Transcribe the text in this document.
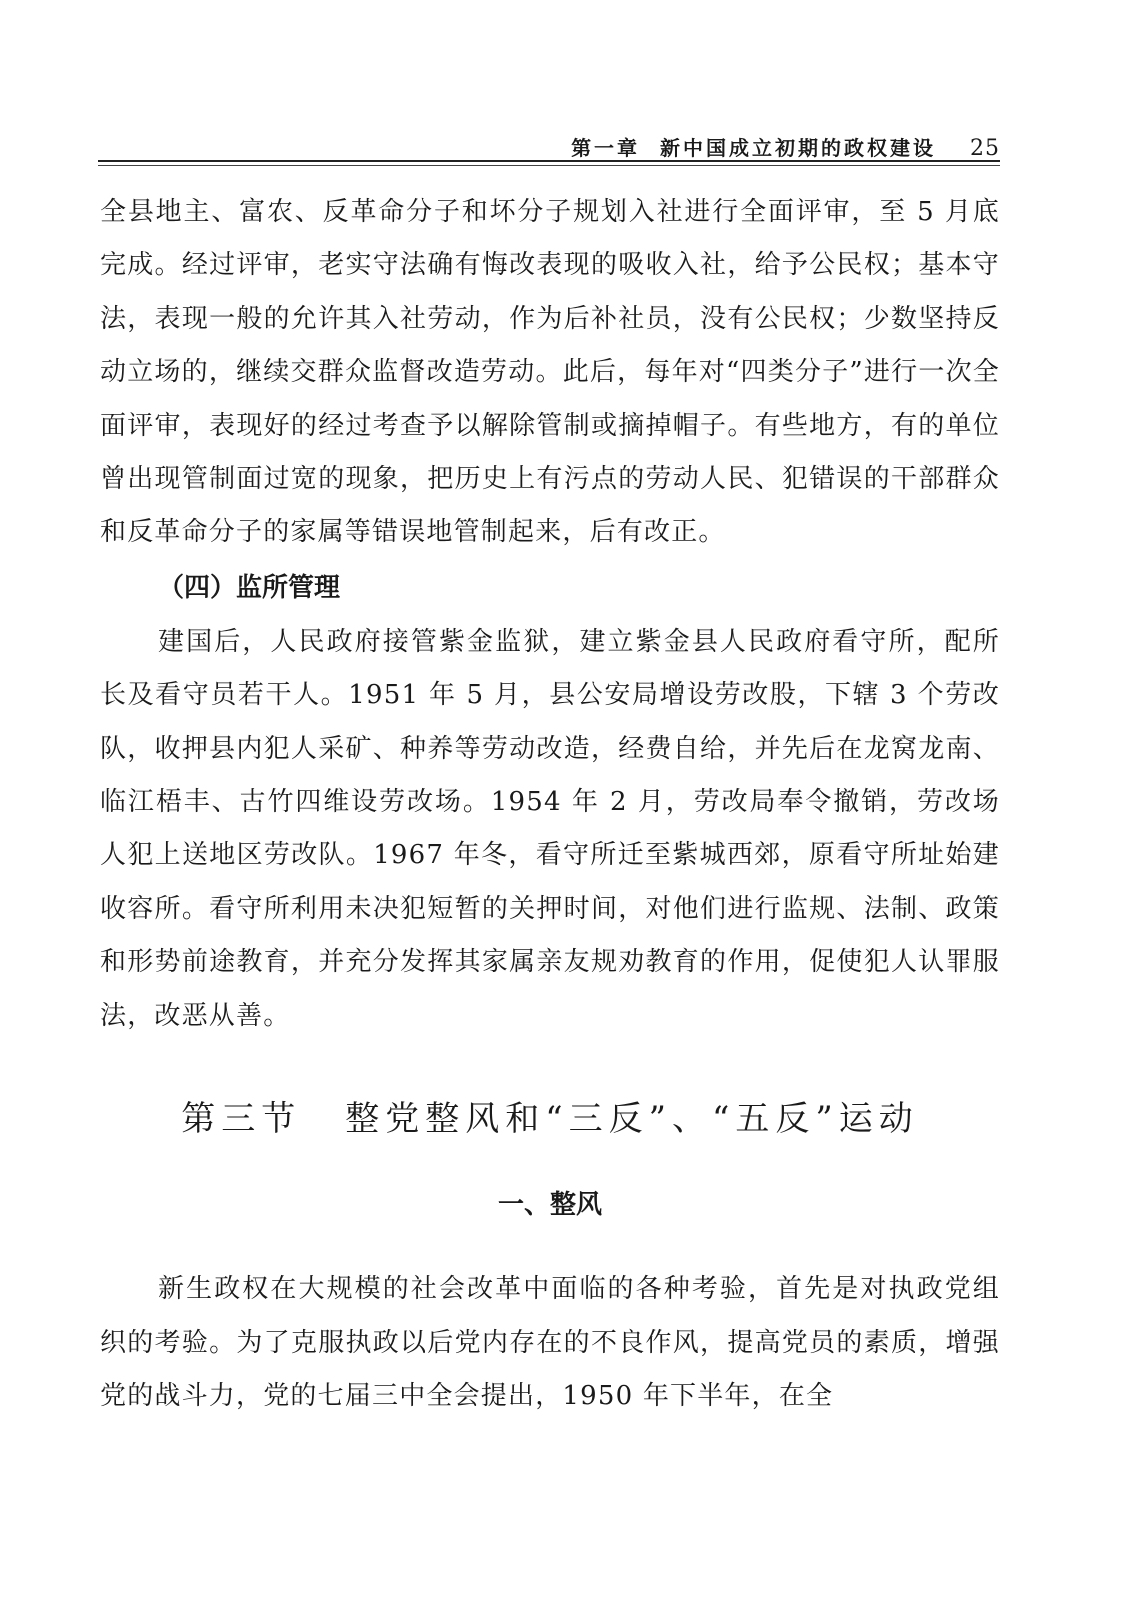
第一章 新中国成立初期的政权建设 25

全县地主、富农、反革命分子和坏分子规划入社进行全面评审，至 5 月底完成。经过评审，老实守法确有悔改表现的吸收入社，给予公民权；基本守法，表现一般的允许其入社劳动，作为后补社员，没有公民权；少数坚持反动立场的，继续交群众监督改造劳动。此后，每年对“四类分子”进行一次全面评审，表现好的经过考查予以解除管制或摘掉帽子。有些地方，有的单位曾出现管制面过宽的现象，把历史上有污点的劳动人民、犯错误的干部群众和反革命分子的家属等错误地管制起来，后有改正。

（四）监所管理

建国后，人民政府接管紫金监狱，建立紫金县人民政府看守所，配所长及看守员若干人。1951 年 5 月，县公安局增设劳改股，下辖 3 个劳改队，收押县内犯人采矿、种养等劳动改造，经费自给，并先后在龙窝龙南、临江梧丰、古竹四维设劳改场。1954 年 2 月，劳改局奉令撤销，劳改场人犯上送地区劳改队。1967 年冬，看守所迁至紫城西郊，原看守所址始建收容所。看守所利用未决犯短暂的关押时间，对他们进行监规、法制、政策和形势前途教育，并充分发挥其家属亲友规劝教育的作用，促使犯人认罪服法，改恶从善。

第三节 整党整风和“三反”、“五反”运动

一、整风

新生政权在大规模的社会改革中面临的各种考验，首先是对执政党组织的考验。为了克服执政以后党内存在的不良作风，提高党员的素质，增强党的战斗力，党的七届三中全会提出，1950 年下半年，在全
